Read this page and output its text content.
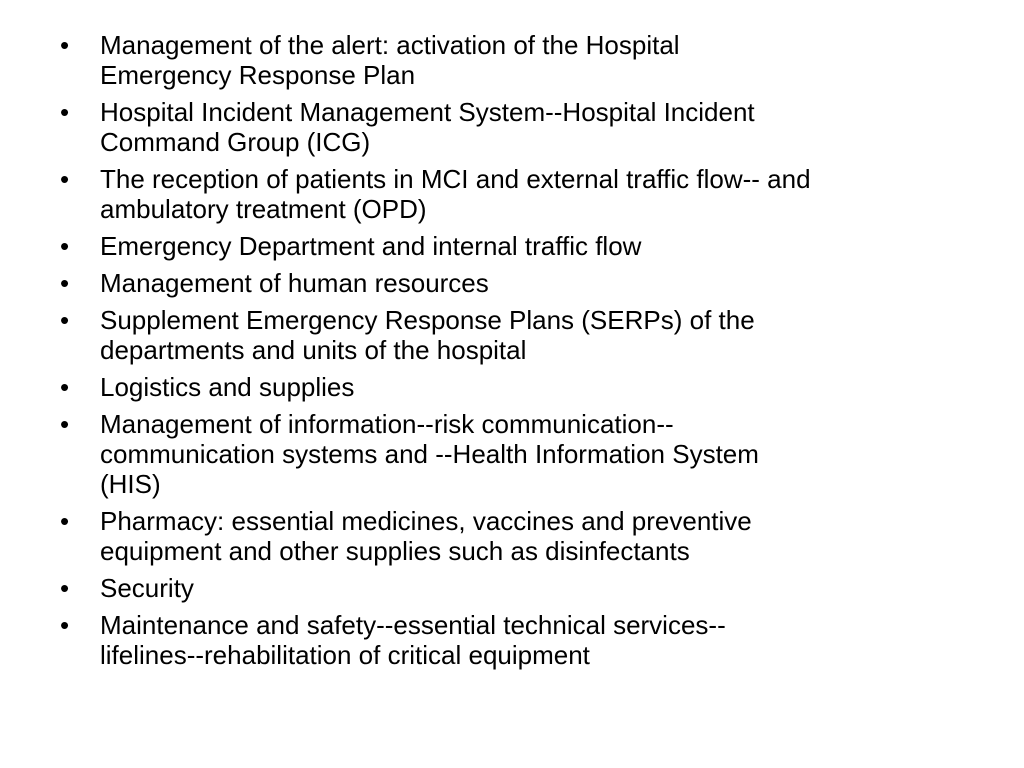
•	Management of the alert: activation of the Hospital
Emergency Response Plan
•	Hospital Incident Management System--Hospital Incident
Command Group (ICG)
•	The reception of patients in MCI and external traffic flow-- and
ambulatory treatment (OPD)
•	Emergency Department and internal traffic flow
•	Management of human resources
•	Supplement Emergency Response Plans (SERPs) of the
departments and units of the hospital
•	Logistics and supplies
•	Management of information--risk communication--
communication systems and --Health Information System
(HIS)
•	Pharmacy: essential medicines, vaccines and preventive
equipment and other supplies such as disinfectants
•	Security
•	Maintenance and safety--essential technical services--
lifelines--rehabilitation of critical equipment
